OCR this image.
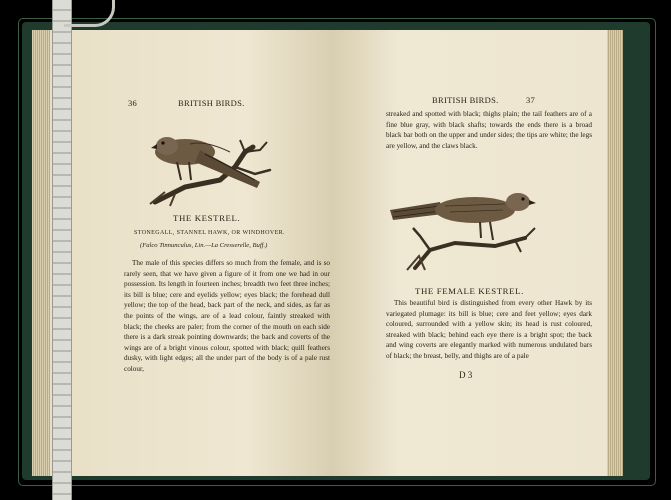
36	BRITISH BIRDS.
THE KESTREL.
STONEGALL, STANNEL HAWK, OR WINDHOVER.
(Falco Tinnunculus, Lin.—La Cresserelle, Buff.)

The male of this species differs so much from the female, and is so rarely seen, that we have given a figure of it from one we had in our possession. Its length in fourteen inches; breadth two feet three inches; its bill is blue; cere and eyelids yellow; eyes black; the forehead dull yellow; the top of the head, back part of the neck, and sides, as far as the points of the wings, are of a lead colour, faintly streaked with black; the cheeks are paler; from the corner of the mouth on each side there is a dark streak pointing downwards; the back and coverts of the wings are of a bright vinous colour, spotted with black; quill feathers dusky, with light edges; all the under part of the body is of a pale rust colour,

BRITISH BIRDS.	37

streaked and spotted with black; thighs plain; the tail feathers are of a fine blue gray, with black shafts; towards the ends there is a broad black bar both on the upper and under sides; the tips are white; the legs are yellow, and the claws black.

THE FEMALE KESTREL.

This beautiful bird is distinguished from every other Hawk by its variegated plumage: its bill is blue; cere and feet yellow; eyes dark coloured, surrounded with a yellow skin; its head is rust coloured, streaked with black; behind each eye there is a bright spot; the back and wing coverts are elegantly marked with numerous undulated bars of black; the breast, belly, and thighs are of a pale

D 3
